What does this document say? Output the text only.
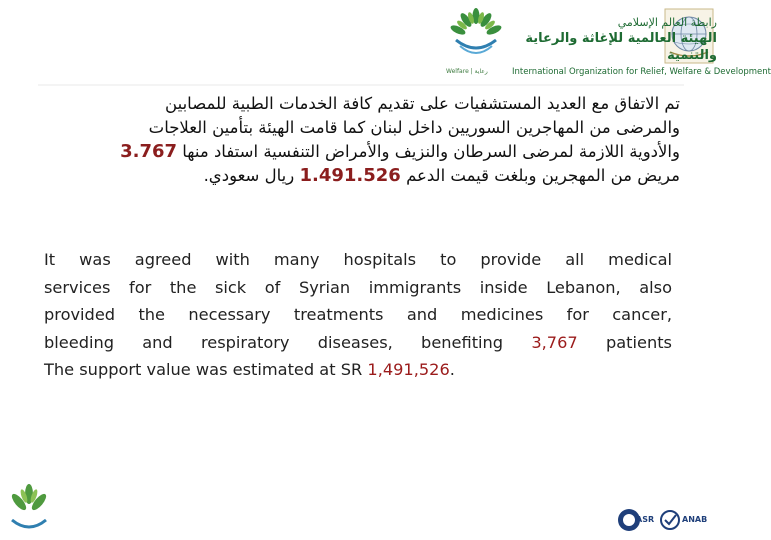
Welfare | رعاية
رابطة العالم الإسلامي
الهيئة العالمية للإغاثة والرعاية والتنمية
International Organization for Relief, Welfare & Development
تم الاتفاق مع العديد المستشفيات على تقديم كافة الخدمات الطبية للمصابين
والمرضى من المهاجرين السوريين داخل لبنان كما قامت الهيئة بتأمين العلاجات
والأدوية اللازمة لمرضى السرطان والنزيف والأمراض التنفسية استفاد منها 3.767
مريض من المهجرين وبلغت قيمت الدعم 1.491.526 ريال سعودي.
It was agreed with many hospitals to provide all medical
services for the sick of Syrian immigrants inside Lebanon, also
provided the necessary treatments and medicines for cancer,
bleeding and respiratory diseases, benefiting 3,767 patients
The support value was estimated at SR 1,491,526.
ASR	ANAB
